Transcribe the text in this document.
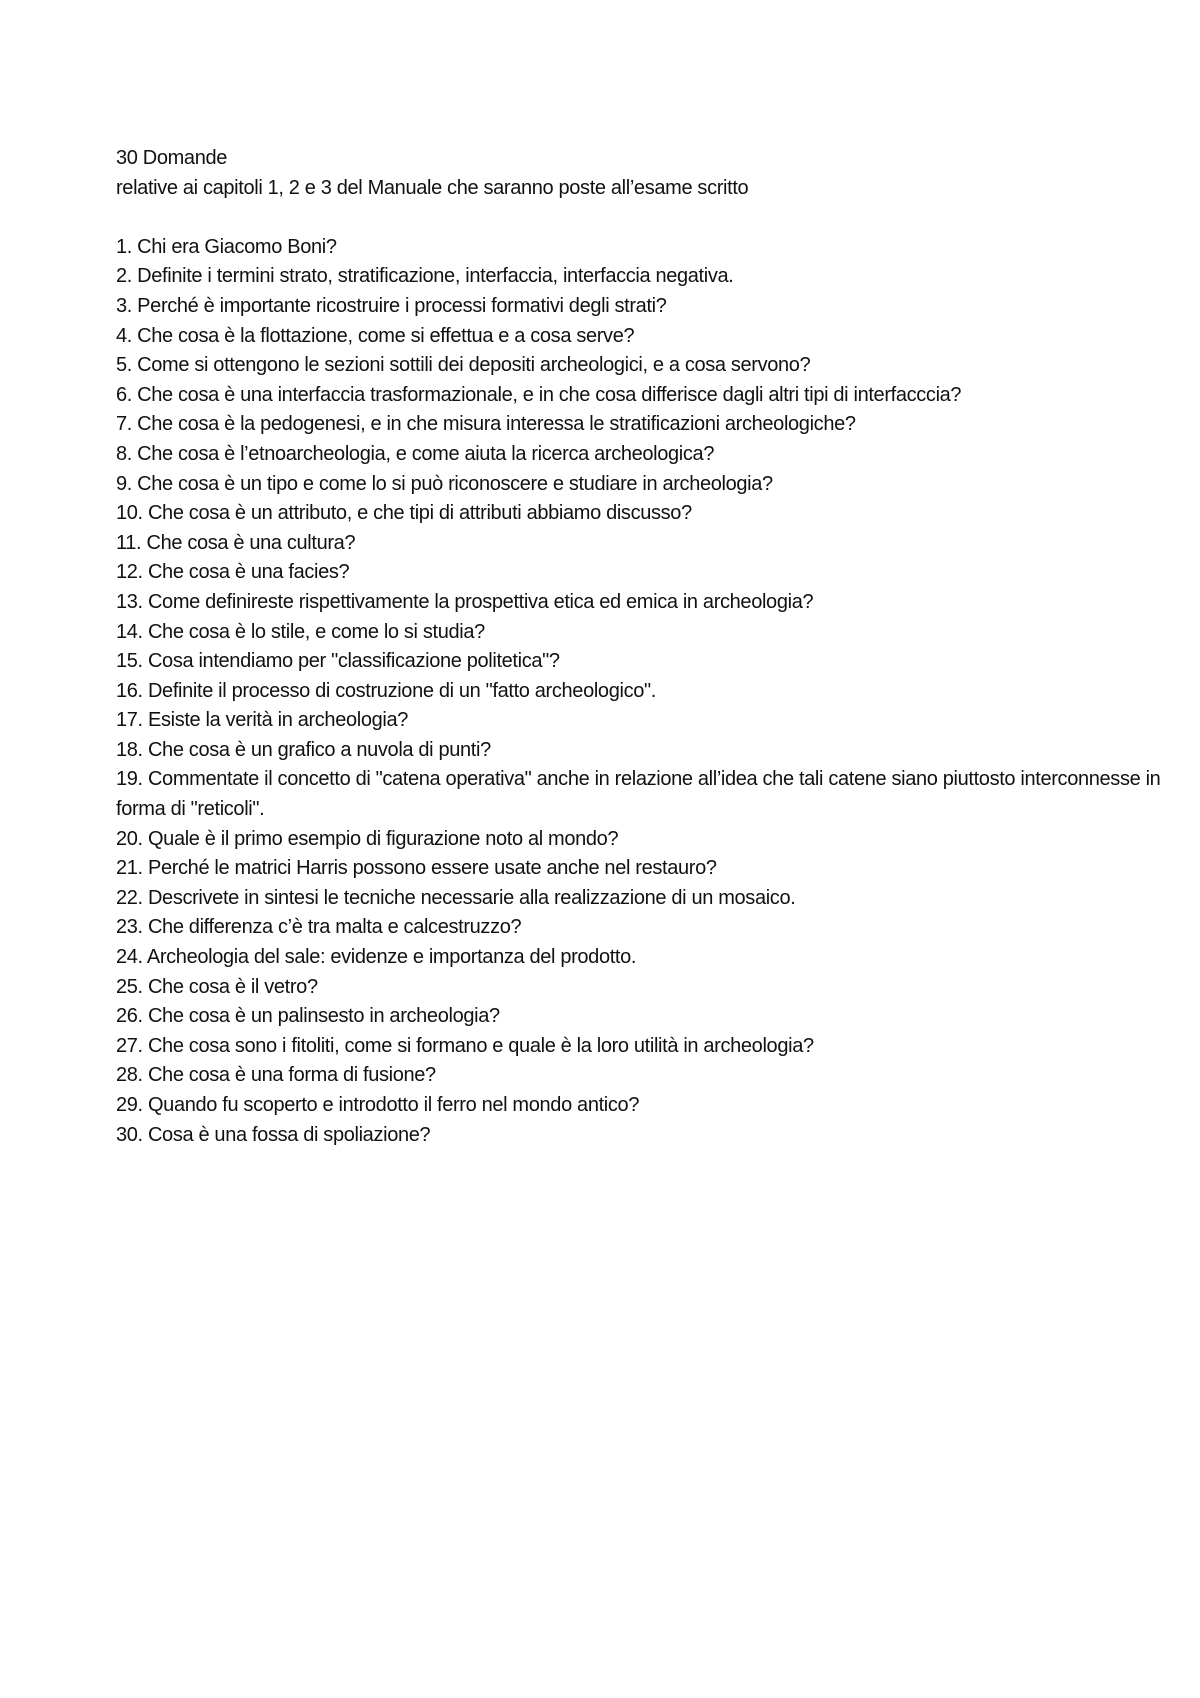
30 Domande

relative ai capitoli 1, 2 e 3 del Manuale che saranno poste all’esame scritto

1. Chi era Giacomo Boni?
2. Definite i termini strato, stratificazione, interfaccia, interfaccia negativa.
3. Perché è importante ricostruire i processi formativi degli strati?
4. Che cosa è la flottazione, come si effettua e a cosa serve?
5. Come si ottengono le sezioni sottili dei depositi archeologici, e a cosa servono?
6. Che cosa è una interfaccia trasformazionale, e in che cosa differisce dagli altri tipi di interfacccia?
7. Che cosa è la pedogenesi, e in che misura interessa le stratificazioni archeologiche?
8. Che cosa è l’etnoarcheologia, e come aiuta la ricerca archeologica?
9. Che cosa è un tipo e come lo si può riconoscere e studiare in archeologia?
10. Che cosa è un attributo, e che tipi di attributi abbiamo discusso?
11. Che cosa è una cultura?
12. Che cosa è una facies?
13. Come definireste rispettivamente la prospettiva etica ed emica in archeologia?
14. Che cosa è lo stile, e come lo si studia?
15. Cosa intendiamo per "classificazione politetica"?
16. Definite il processo di costruzione di un "fatto archeologico".
17. Esiste la verità in archeologia?
18. Che cosa è un grafico a nuvola di punti?
19. Commentate il concetto di "catena operativa" anche in relazione all’idea che tali catene siano piuttosto interconnesse in forma di "reticoli".
20. Quale è il primo esempio di figurazione noto al mondo?
21. Perché le matrici Harris possono essere usate anche nel restauro?
22. Descrivete in sintesi le tecniche necessarie alla realizzazione di un mosaico.
23. Che differenza c’è tra malta e calcestruzzo?
24. Archeologia del sale: evidenze e importanza del prodotto.
25. Che cosa è il vetro?
26. Che cosa è un palinsesto in archeologia?
27. Che cosa sono i fitoliti, come si formano e quale è la loro utilità in archeologia?
28. Che cosa è una forma di fusione?
29. Quando fu scoperto e introdotto il ferro nel mondo antico?
30. Cosa è una fossa di spoliazione?
